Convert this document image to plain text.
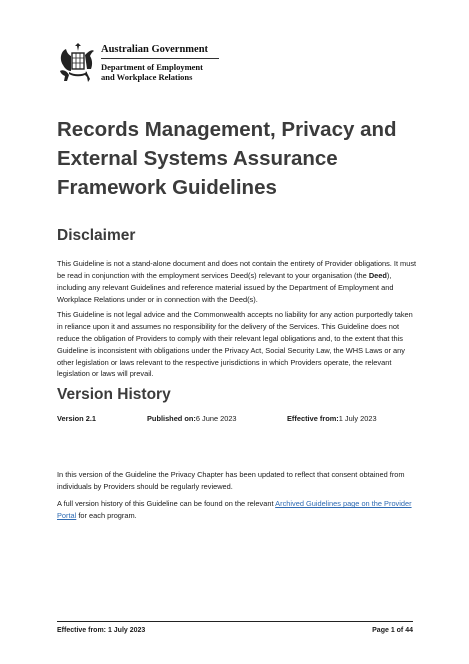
Australian Government
Department of Employment
and Workplace Relations
Records Management, Privacy and
External Systems Assurance
Framework Guidelines
Disclaimer

This Guideline is not a stand-alone document and does not contain the entirety of Provider obligations. It must be read in conjunction with the employment services Deed(s) relevant to your organisation (the Deed), including any relevant Guidelines and reference material issued by the Department of Employment and Workplace Relations under or in connection with the Deed(s).

This Guideline is not legal advice and the Commonwealth accepts no liability for any action purportedly taken in reliance upon it and assumes no responsibility for the delivery of the Services. This Guideline does not reduce the obligation of Providers to comply with their relevant legal obligations and, to the extent that this Guideline is inconsistent with obligations under the Privacy Act, Social Security Law, the WHS Laws or any other legislation or laws relevant to the respective jurisdictions in which Providers operate, the relevant legislation or laws will prevail.

Version History
Version 2.1	Published on: 6 June 2023	Effective from: 1 July 2023

In this version of the Guideline the Privacy Chapter has been updated to reflect that consent obtained from individuals by Providers should be regularly reviewed.

A full version history of this Guideline can be found on the relevant Archived Guidelines page on the Provider Portal for each program.

Effective from: 1 July 2023	Page 1 of 44
